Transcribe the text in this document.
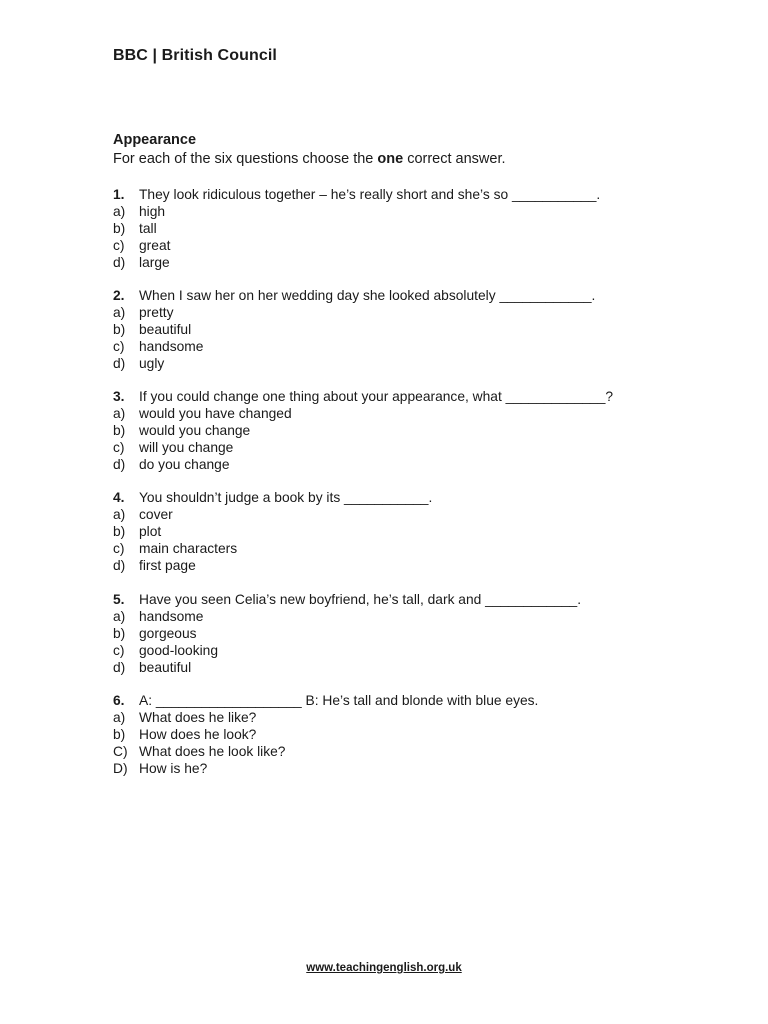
BBC | British Council
Appearance
For each of the six questions choose the one correct answer.
1.	They look ridiculous together – he’s really short and she’s so ___________.
a) high
b) tall
c)	great
d) large
2.	When I saw her on her wedding day she looked absolutely ____________.
a) pretty
b) beautiful
c)	handsome
d) ugly
3.	If you could change one thing about your appearance, what _____________?
a) would you have changed
b) would you change
c)	will you change
d) do you change
4.	You shouldn’t judge a book by its ___________.
a) cover
b) plot
c)	main characters
d) first page
5.	Have you seen Celia’s new boyfriend, he’s tall, dark and ____________.
a) handsome
b) gorgeous
c)	good-looking
d) beautiful
6.	A: ___________________ B: He’s tall and blonde with blue eyes.
a) What does he like?
b) How does he look?
C) What does he look like?
D) How is he?
www.teachingenglish.org.uk
